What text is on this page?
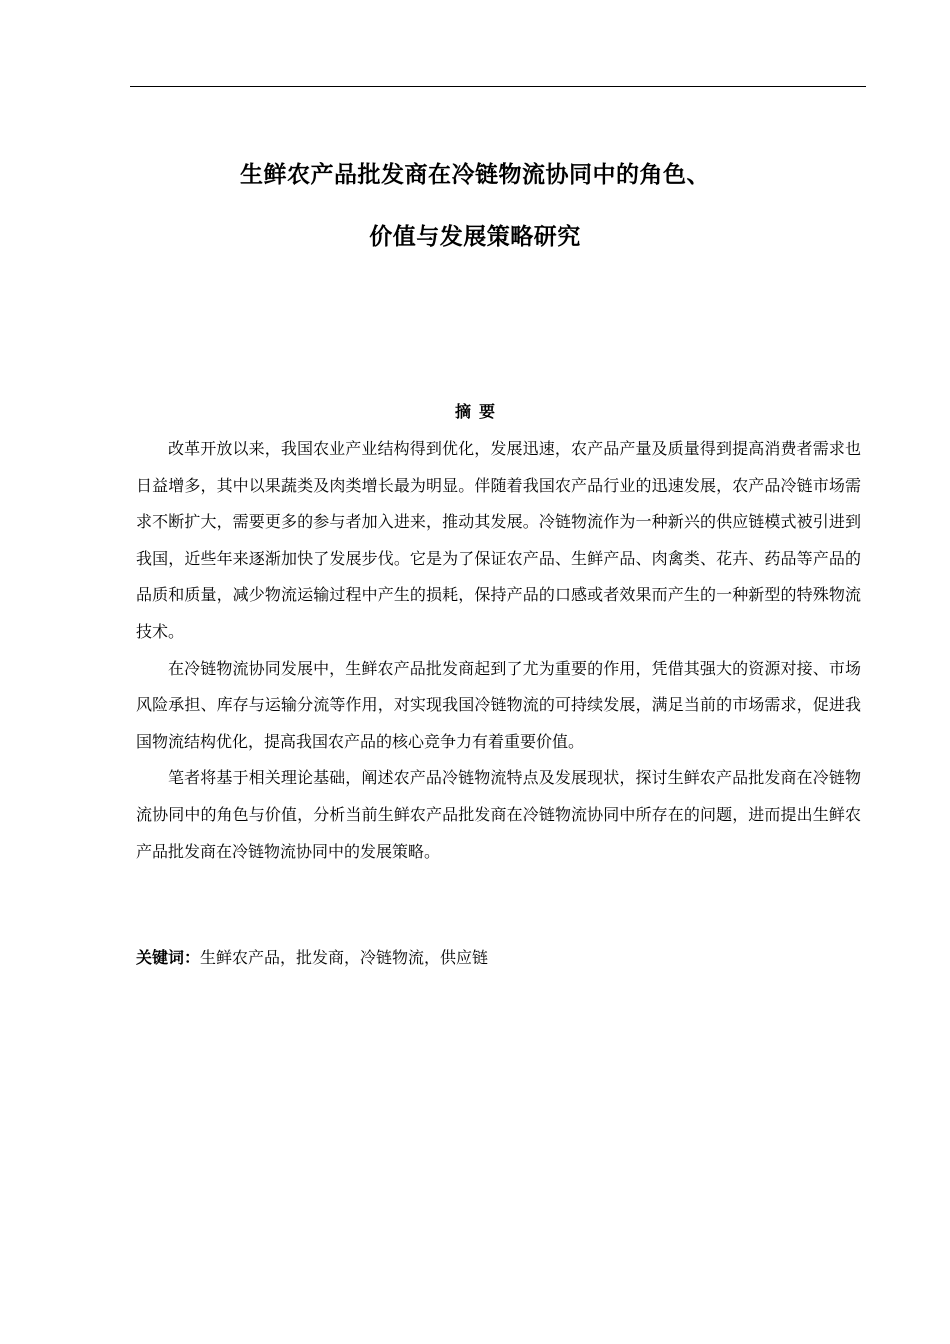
生鲜农产品批发商在冷链物流协同中的角色、
价值与发展策略研究
摘要

改革开放以来，我国农业产业结构得到优化，发展迅速，农产品产量及质量得到提高消费者需求也日益增多，其中以果蔬类及肉类增长最为明显。伴随着我国农产品行业的迅速发展，农产品冷链市场需求不断扩大，需要更多的参与者加入进来，推动其发展。冷链物流作为一种新兴的供应链模式被引进到我国，近些年来逐渐加快了发展步伐。它是为了保证农产品、生鲜产品、肉禽类、花卉、药品等产品的品质和质量，减少物流运输过程中产生的损耗，保持产品的口感或者效果而产生的一种新型的特殊物流技术。

在冷链物流协同发展中，生鲜农产品批发商起到了尤为重要的作用，凭借其强大的资源对接、市场风险承担、库存与运输分流等作用，对实现我国冷链物流的可持续发展，满足当前的市场需求，促进我国物流结构优化，提高我国农产品的核心竞争力有着重要价值。

笔者将基于相关理论基础，阐述农产品冷链物流特点及发展现状，探讨生鲜农产品批发商在冷链物流协同中的角色与价值，分析当前生鲜农产品批发商在冷链物流协同中所存在的问题，进而提出生鲜农产品批发商在冷链物流协同中的发展策略。

关键词：生鲜农产品，批发商，冷链物流，供应链
